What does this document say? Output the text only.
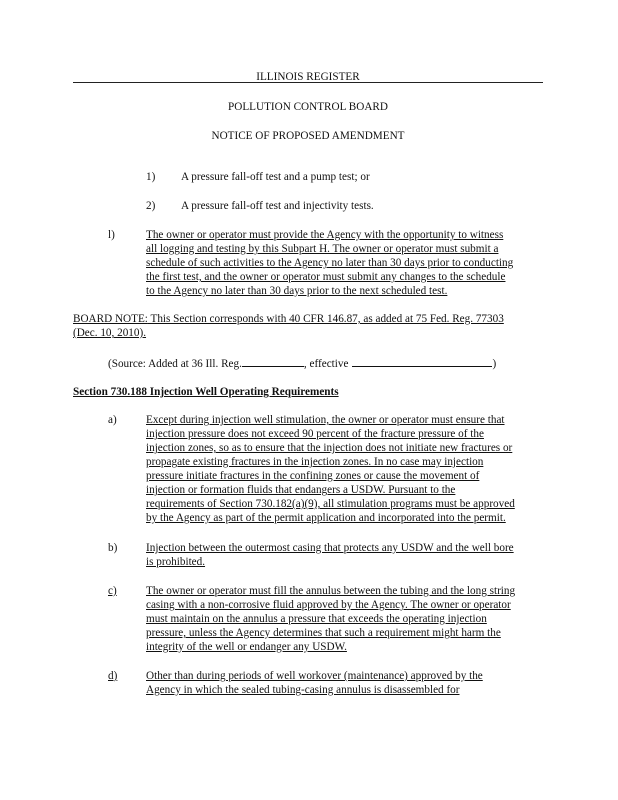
ILLINOIS REGISTER
POLLUTION CONTROL BOARD
NOTICE OF PROPOSED AMENDMENT
1) A pressure fall-off test and a pump test; or
2) A pressure fall-off test and injectivity tests.
l)	The owner or operator must provide the Agency with the opportunity to witness
all logging and testing by this Subpart H. The owner or operator must submit a
schedule of such activities to the Agency no later than 30 days prior to conducting
the first test, and the owner or operator must submit any changes to the schedule
to the Agency no later than 30 days prior to the next scheduled test.
BOARD NOTE: This Section corresponds with 40 CFR 146.87, as added at 75 Fed. Reg. 77303
(Dec. 10, 2010).
(Source: Added at 36 Ill. Reg.	, effective	)
Section 730.188 Injection Well Operating Requirements
a)	Except during injection well stimulation, the owner or operator must ensure that
injection pressure does not exceed 90 percent of the fracture pressure of the
injection zones, so as to ensure that the injection does not initiate new fractures or
propagate existing fractures in the injection zones. In no case may injection
pressure initiate fractures in the confining zones or cause the movement of
injection or formation fluids that endangers a USDW. Pursuant to the
requirements of Section 730.182(a)(9), all stimulation programs must be approved
by the Agency as part of the permit application and incorporated into the permit.
b)	Injection between the outermost casing that protects any USDW and the well bore
is prohibited.
c)	The owner or operator must fill the annulus between the tubing and the long string
casing with a non-corrosive fluid approved by the Agency. The owner or operator
must maintain on the annulus a pressure that exceeds the operating injection
pressure, unless the Agency determines that such a requirement might harm the
integrity of the well or endanger any USDW.
d)	Other than during periods of well workover (maintenance) approved by the
Agency in which the sealed tubing-casing annulus is disassembled for
